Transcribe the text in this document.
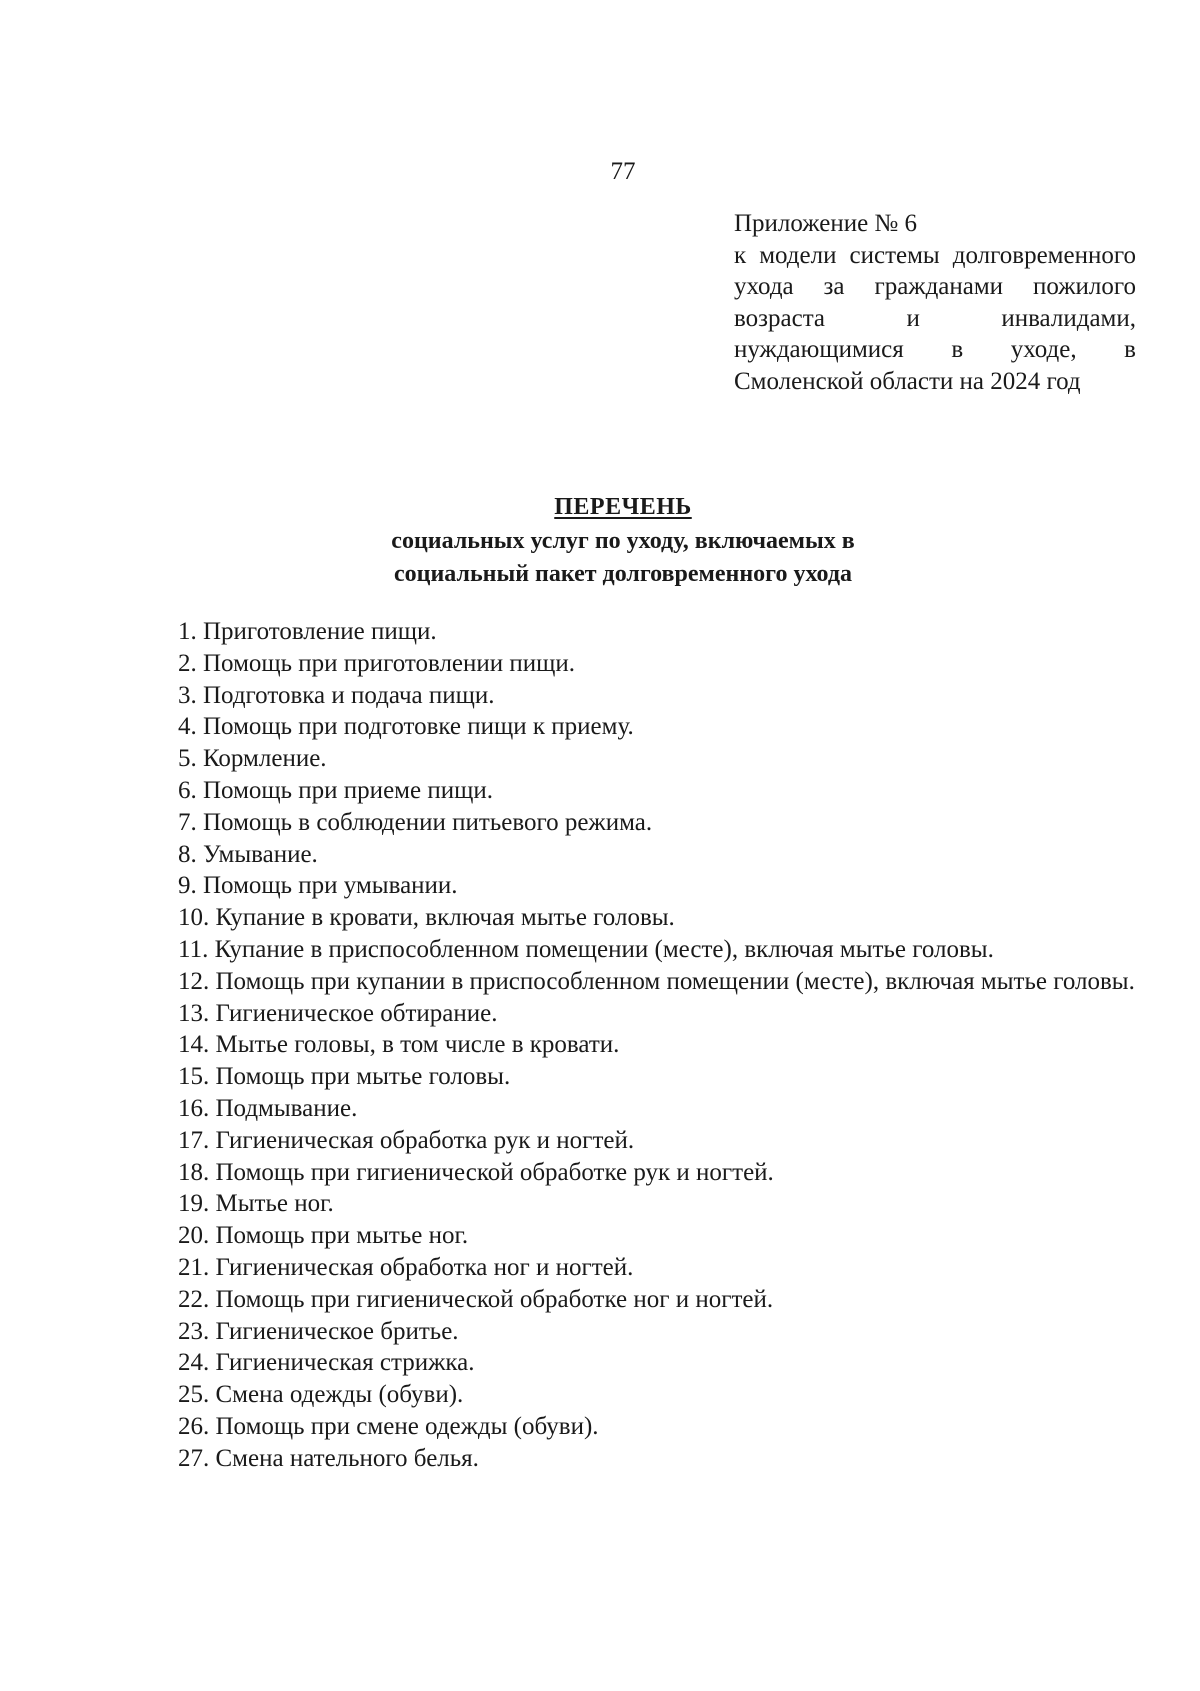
77
Приложение № 6
к модели системы долговременного ухода за гражданами пожилого возраста и инвалидами, нуждающимися в уходе, в Смоленской области на 2024 год
ПЕРЕЧЕНЬ
социальных услуг по уходу, включаемых в
социальный пакет долговременного ухода
1. Приготовление пищи.
2. Помощь при приготовлении пищи.
3. Подготовка и подача пищи.
4. Помощь при подготовке пищи к приему.
5. Кормление.
6. Помощь при приеме пищи.
7. Помощь в соблюдении питьевого режима.
8. Умывание.
9. Помощь при умывании.
10. Купание в кровати, включая мытье головы.
11. Купание в приспособленном помещении (месте), включая мытье головы.
12. Помощь при купании в приспособленном помещении (месте), включая мытье головы.
13. Гигиеническое обтирание.
14. Мытье головы, в том числе в кровати.
15. Помощь при мытье головы.
16. Подмывание.
17. Гигиеническая обработка рук и ногтей.
18. Помощь при гигиенической обработке рук и ногтей.
19. Мытье ног.
20. Помощь при мытье ног.
21. Гигиеническая обработка ног и ногтей.
22. Помощь при гигиенической обработке ног и ногтей.
23. Гигиеническое бритье.
24. Гигиеническая стрижка.
25. Смена одежды (обуви).
26. Помощь при смене одежды (обуви).
27. Смена нательного белья.
